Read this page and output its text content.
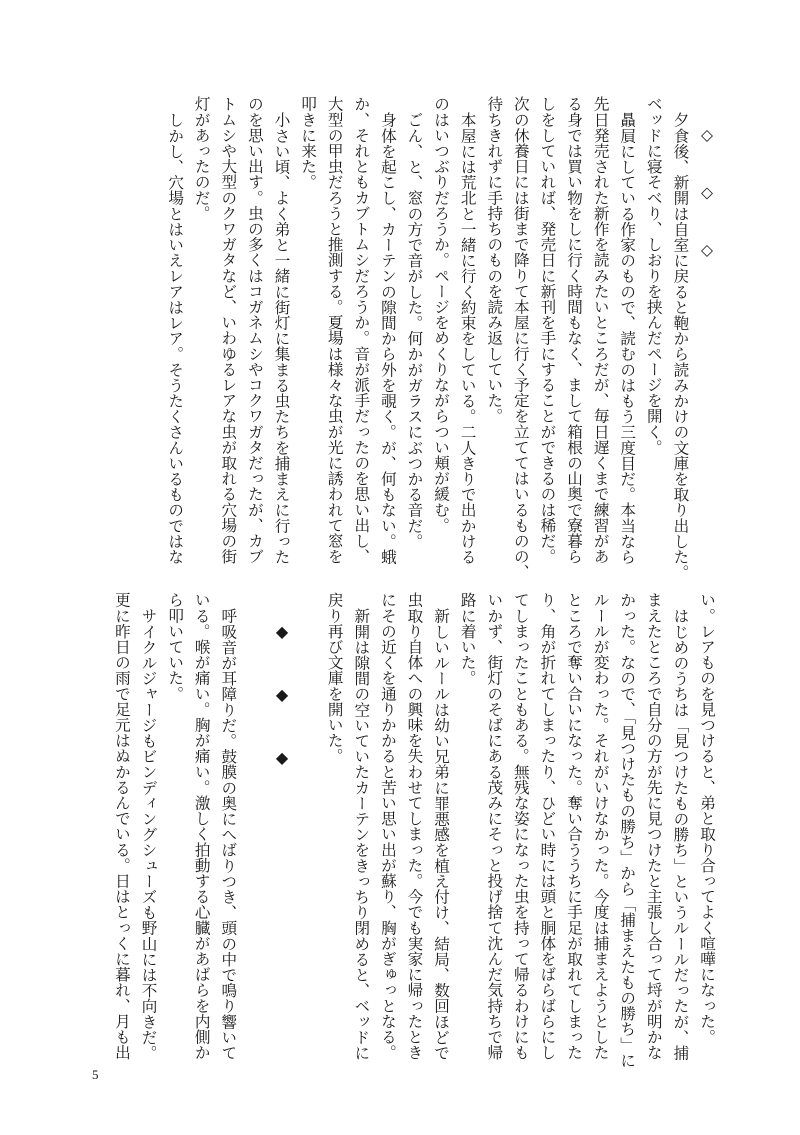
◇　◇　◇
夕食後、新開は自室に戻ると鞄から読みかけの文庫を取り出した。
ベッドに寝そべり、しおりを挟んだページを開く。
贔屓にしている作家のもので、読むのはもう三度目だ。本当なら
先日発売された新作を読みたいところだが、毎日遅くまで練習があ
る身では買い物をしに行く時間もなく、まして箱根の山奥で寮暮ら
しをしていれば、発売日に新刊を手にすることができるのは稀だ。
次の休養日には街まで降りて本屋に行く予定を立ててはいるものの、
待ちきれずに手持ちのものを読み返していた。
本屋には荒北と一緒に行く約束をしている。二人きりで出かける
のはいつぶりだろうか。ページをめくりながらつい頬が緩む。
ごん、と、窓の方で音がした。何かがガラスにぶつかる音だ。
身体を起こし、カーテンの隙間から外を覗く。が、何もない。蛾
か、それともカブトムシだろうか。音が派手だったのを思い出し、
大型の甲虫だろうと推測する。夏場は様々な虫が光に誘われて窓を
叩きに来た。
小さい頃、よく弟と一緒に街灯に集まる虫たちを捕まえに行った
のを思い出す。虫の多くはコガネムシやコクワガタだったが、カブ
トムシや大型のクワガタなど、いわゆるレアな虫が取れる穴場の街
灯があったのだ。
しかし、穴場とはいえレアはレア。そうたくさんいるものではな
い。レアものを見つけると、弟と取り合ってよく喧嘩になった。
はじめのうちは「見つけたもの勝ち」というルールだったが、捕
まえたところで自分の方が先に見つけたと主張し合って埒が明かな
かった。なので、「見つけたもの勝ち」から「捕まえたもの勝ち」に
ルールが変わった。それがいけなかった。今度は捕まえようとした
ところで奪い合いになった。奪い合ううちに手足が取れてしまった
り、角が折れてしまったり、ひどい時には頭と胴体をばらばらにし
てしまったこともある。無残な姿になった虫を持って帰るわけにも
いかず、街灯のそばにある茂みにそっと投げ捨て沈んだ気持ちで帰
路に着いた。
新しいルールは幼い兄弟に罪悪感を植え付け、結局、数回ほどで
虫取り自体への興味を失わせてしまった。今でも実家に帰ったとき
にその近くを通りかかると苦い思い出が蘇り、胸がぎゅっとなる。
新開は隙間の空いていたカーテンをきっちり閉めると、ベッドに
戻り再び文庫を開いた。
◆　◆　◆
呼吸音が耳障りだ。鼓膜の奥にへばりつき、頭の中で鳴り響いて
いる。喉が痛い。胸が痛い。激しく拍動する心臓があばらを内側か
ら叩いていた。
サイクルジャージもビンディングシューズも野山には不向きだ。
更に昨日の雨で足元はぬかるんでいる。日はとっくに暮れ、月も出
5
